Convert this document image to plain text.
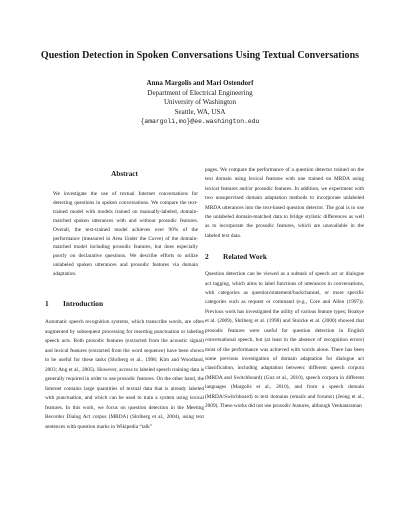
Question Detection in Spoken Conversations Using Textual Conversations
Anna Margolis and Mari Ostendorf
Department of Electrical Engineering
University of Washington
Seattle, WA, USA
{amargoli,mo}@ee.washington.edu
Abstract

We investigate the use of textual Internet conversations for detecting questions in spoken conversations. We compare the text-trained model with models trained on manually-labeled, domain-matched spoken utterances with and without prosodic features. Overall, the text-trained model achieves over 90% of the performance (measured in Area Under the Curve) of the domain-matched model including prosodic features, but does especially poorly on declarative questions. We describe efforts to utilize unlabeled spoken utterances and prosodic features via domain adaptation.

1 Introduction

Automatic speech recognition systems, which transcribe words, are often augmented by subsequent processing for inserting punctuation or labeling speech acts. Both prosodic features (extracted from the acoustic signal) and lexical features (extracted from the word sequence) have been shown to be useful for these tasks (Shriberg et al., 1998; Kim and Woodland, 2003; Ang et al., 2005). However, access to labeled speech training data is generally required in order to use prosodic features. On the other hand, the Internet contains large quantities of textual data that is already labeled with punctuation, and which can be used to train a system using lexical features. In this work, we focus on question detection in the Meeting Recorder Dialog Act corpus (MRDA) (Shriberg et al., 2004), using text sentences with question marks in Wikipedia “talk”

pages. We compare the performance of a question detector trained on the text domain using lexical features with one trained on MRDA using lexical features and/or prosodic features. In addition, we experiment with two unsupervised domain adaptation methods to incorporate unlabeled MRDA utterances into the text-based question detector. The goal is to use the unlabeled domain-matched data to bridge stylistic differences as well as to incorporate the prosodic features, which are unavailable in the labeled text data.

2 Related Work

Question detection can be viewed as a subtask of speech act or dialogue act tagging, which aims to label functions of utterances in conversations, with categories as question/statement/backchannel, or more specific categories such as request or command (e.g., Core and Allen (1997)). Previous work has investigated the utility of various feature types; Boakye et al. (2009), Shriberg et al. (1998) and Stolcke et al. (2000) showed that prosodic features were useful for question detection in English conversational speech, but (at least in the absence of recognition errors) most of the performance was achieved with words alone. There has been some previous investigation of domain adaptation for dialogue act classification, including adaptation between: different speech corpora (MRDA and Switchboard) (Guz et al., 2010), speech corpora in different languages (Margolis et al., 2010), and from a speech domain (MRDA/Switchboard) to text domains (emails and forums) (Jeong et al., 2009). These works did not use prosodic features, although Venkataraman
